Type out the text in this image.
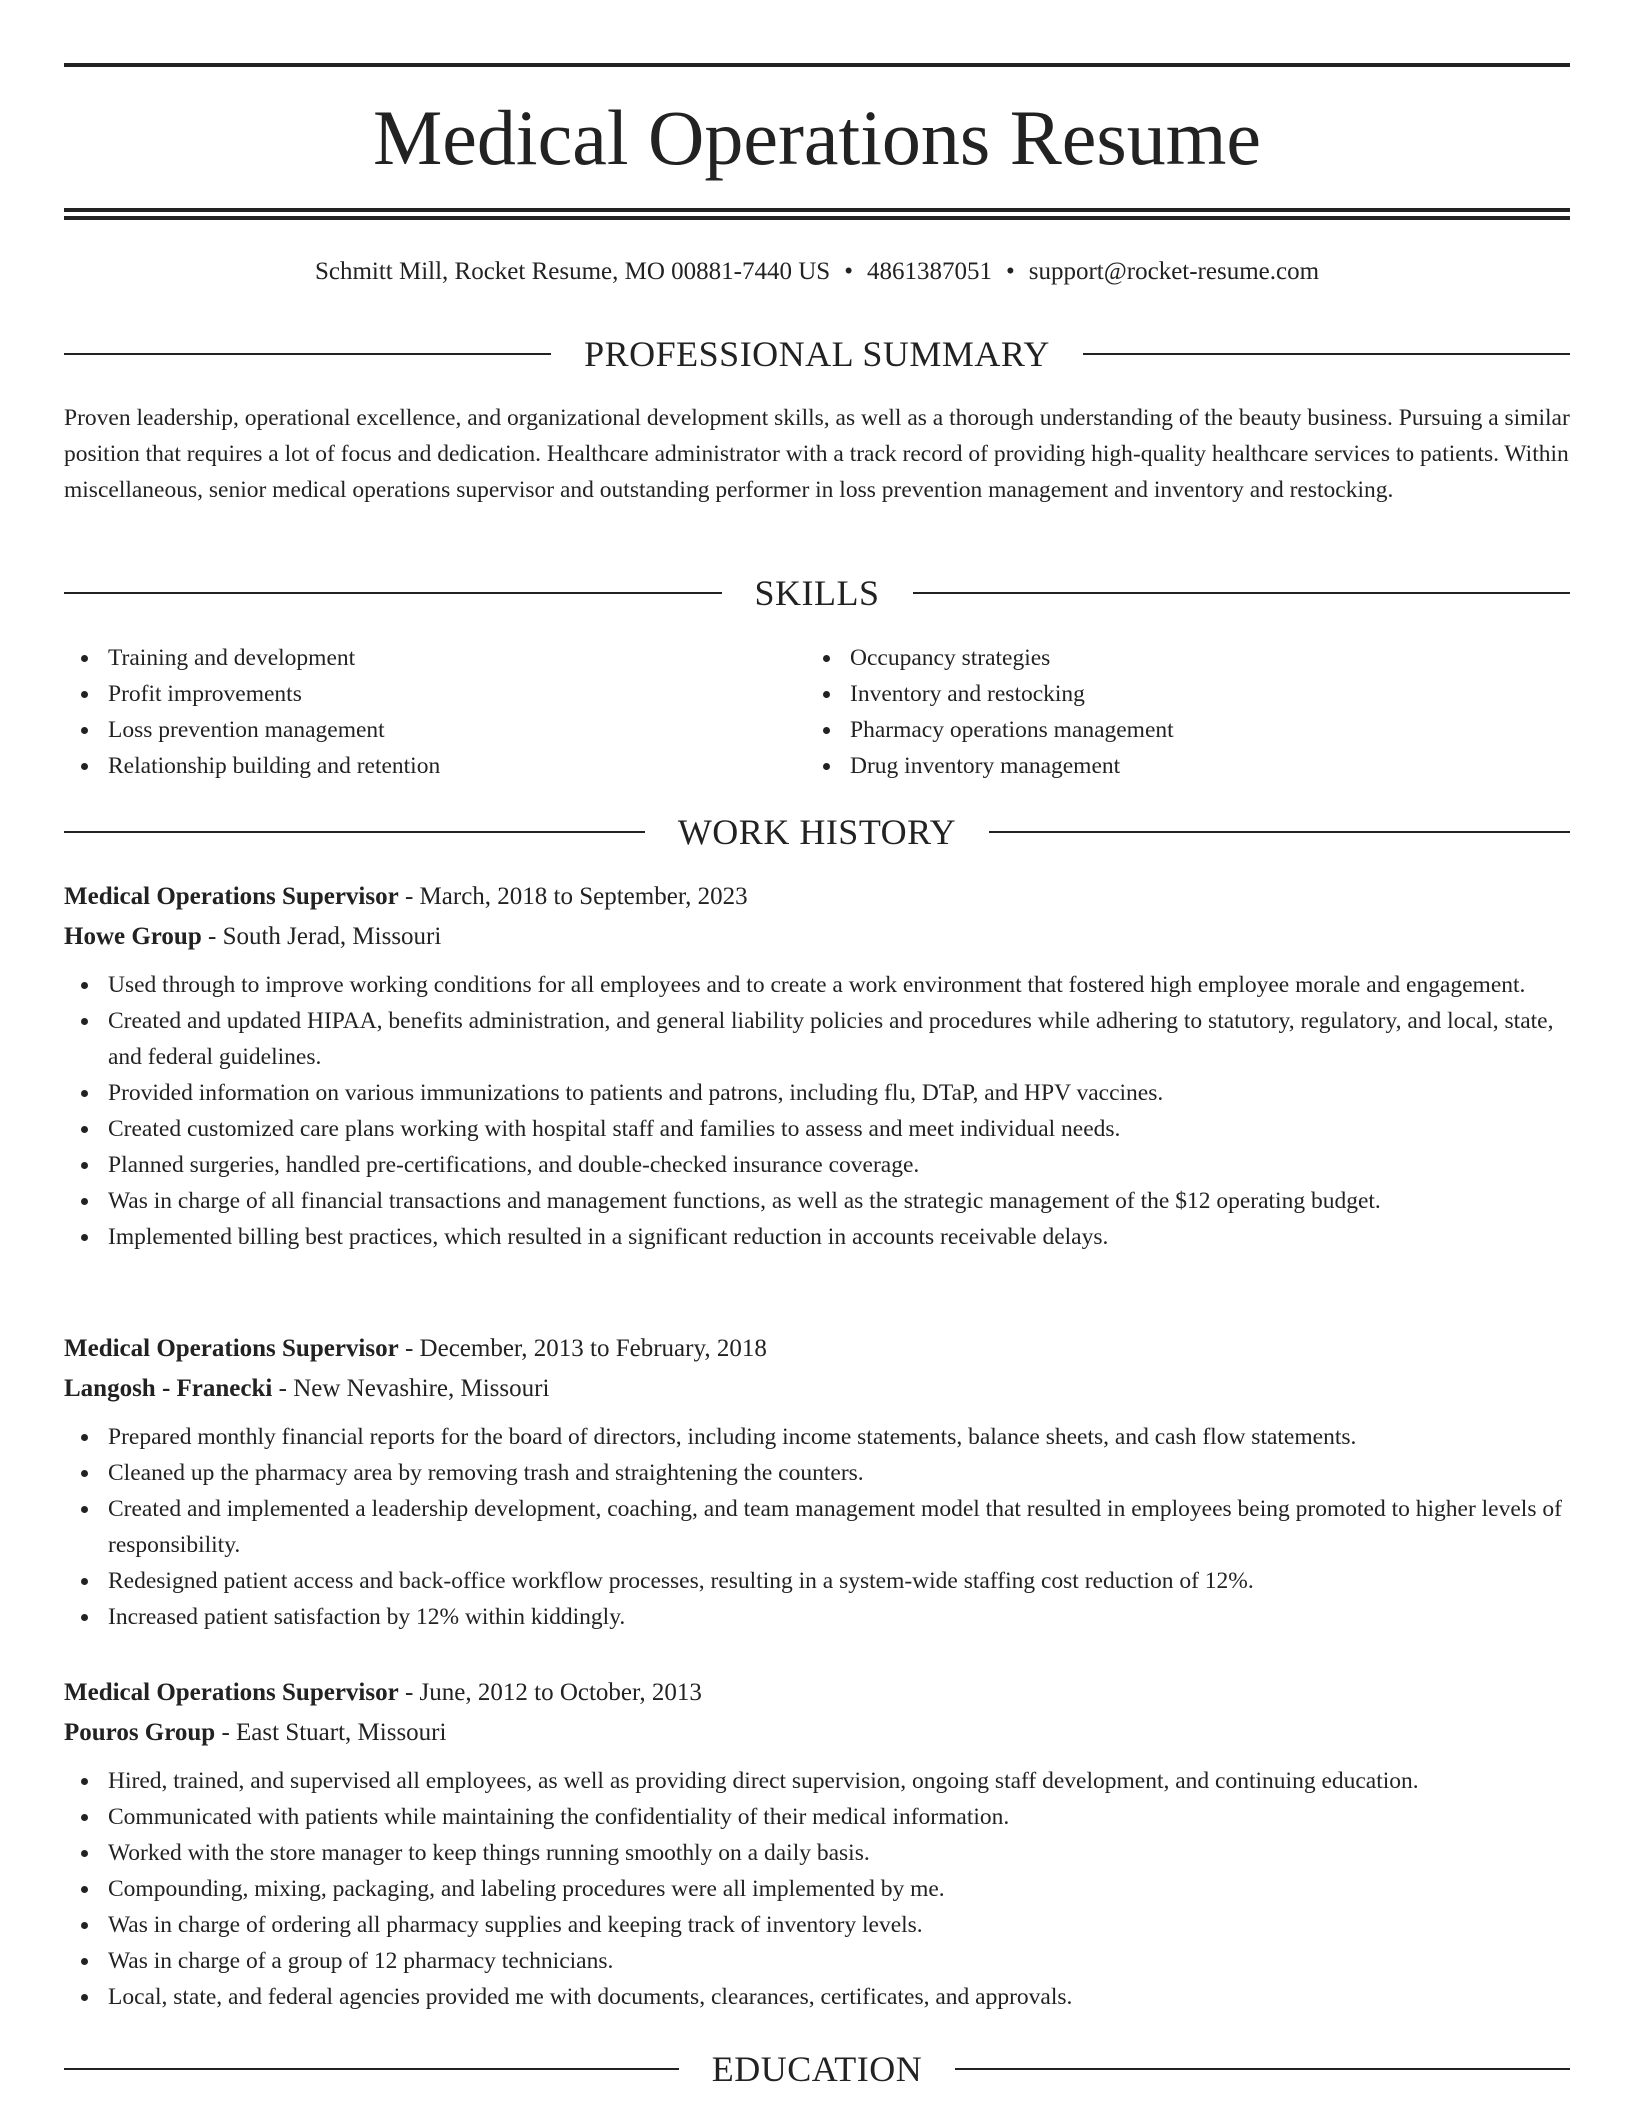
Medical Operations Resume
Schmitt Mill, Rocket Resume, MO 00881-7440 US • 4861387051 • support@rocket-resume.com
PROFESSIONAL SUMMARY

Proven leadership, operational excellence, and organizational development skills, as well as a thorough understanding of the beauty business. Pursuing a similar position that requires a lot of focus and dedication. Healthcare administrator with a track record of providing high-quality healthcare services to patients. Within miscellaneous, senior medical operations supervisor and outstanding performer in loss prevention management and inventory and restocking.

SKILLS
Training and development
Profit improvements
Loss prevention management
Relationship building and retention
Occupancy strategies
Inventory and restocking
Pharmacy operations management
Drug inventory management
WORK HISTORY
Medical Operations Supervisor - March, 2018 to September, 2023
Howe Group - South Jerad, Missouri
Used through to improve working conditions for all employees and to create a work environment that fostered high employee morale and engagement.
Created and updated HIPAA, benefits administration, and general liability policies and procedures while adhering to statutory, regulatory, and local, state, and federal guidelines.
Provided information on various immunizations to patients and patrons, including flu, DTaP, and HPV vaccines.
Created customized care plans working with hospital staff and families to assess and meet individual needs.
Planned surgeries, handled pre-certifications, and double-checked insurance coverage.
Was in charge of all financial transactions and management functions, as well as the strategic management of the $12 operating budget.
Implemented billing best practices, which resulted in a significant reduction in accounts receivable delays.
Medical Operations Supervisor - December, 2013 to February, 2018
Langosh - Franecki - New Nevashire, Missouri
Prepared monthly financial reports for the board of directors, including income statements, balance sheets, and cash flow statements.
Cleaned up the pharmacy area by removing trash and straightening the counters.
Created and implemented a leadership development, coaching, and team management model that resulted in employees being promoted to higher levels of responsibility.
Redesigned patient access and back-office workflow processes, resulting in a system-wide staffing cost reduction of 12%.
Increased patient satisfaction by 12% within kiddingly.
Medical Operations Supervisor - June, 2012 to October, 2013
Pouros Group - East Stuart, Missouri
Hired, trained, and supervised all employees, as well as providing direct supervision, ongoing staff development, and continuing education.
Communicated with patients while maintaining the confidentiality of their medical information.
Worked with the store manager to keep things running smoothly on a daily basis.
Compounding, mixing, packaging, and labeling procedures were all implemented by me.
Was in charge of ordering all pharmacy supplies and keeping track of inventory levels.
Was in charge of a group of 12 pharmacy technicians.
Local, state, and federal agencies provided me with documents, clearances, certificates, and approvals.
EDUCATION
